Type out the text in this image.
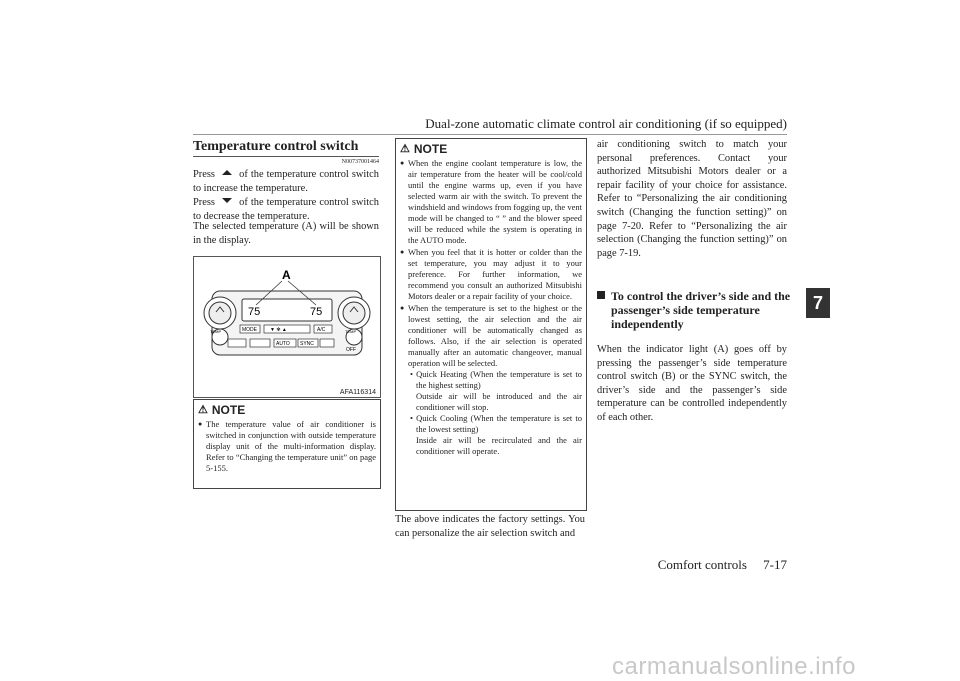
Dual-zone automatic climate control air conditioning (if so equipped)
7
Temperature control switch
N00737001464
Press of the temperature control switch to increase the temperature.
Press of the temperature control switch to decrease the temperature.
The selected temperature (A) will be shown in the display.
75	75
A
TEMP	TEMP
MODE	▼ ✻ ▲	A/C
AUTO SYNC
OFF
AFA116314
⚠ NOTE
● The temperature value of air conditioner is switched in conjunction with outside temperature display unit of the multi-information display. Refer to “Changing the temperature unit” on page 5-155.
⚠ NOTE
● When the engine coolant temperature is low, the air temperature from the heater will be cool/cold until the engine warms up, even if you have selected warm air with the switch. To prevent the windshield and windows from fogging up, the vent mode will be changed to “ ” and the blower speed will be reduced while the system is operating in the AUTO mode.
● When you feel that it is hotter or colder than the set temperature, you may adjust it to your preference. For further information, we recommend you consult an authorized Mitsubishi Motors dealer or a repair facility of your choice.
● When the temperature is set to the highest or the lowest setting, the air selection and the air conditioner will be automatically changed as follows. Also, if the air selection is operated manually after an automatic changeover, manual operation will be selected.
• Quick Heating (When the temperature is set to the highest setting)
Outside air will be introduced and the air conditioner will stop.
• Quick Cooling (When the temperature is set to the lowest setting)
Inside air will be recirculated and the air conditioner will operate.
The above indicates the factory settings. You can personalize the air selection switch and
air conditioning switch to match your personal preferences. Contact your authorized Mitsubishi Motors dealer or a repair facility of your choice for assistance. Refer to “Personalizing the air conditioning switch (Changing the function setting)” on page 7-20. Refer to “Personalizing the air selection (Changing the function setting)” on page 7-19.
To control the driver’s side and the passenger’s side temperature independently
When the indicator light (A) goes off by pressing the passenger’s side temperature control switch (B) or the SYNC switch, the driver’s side and the passenger’s side temperature can be controlled independently of each other.
Comfort controls 7-17
carmanualsonline.info
